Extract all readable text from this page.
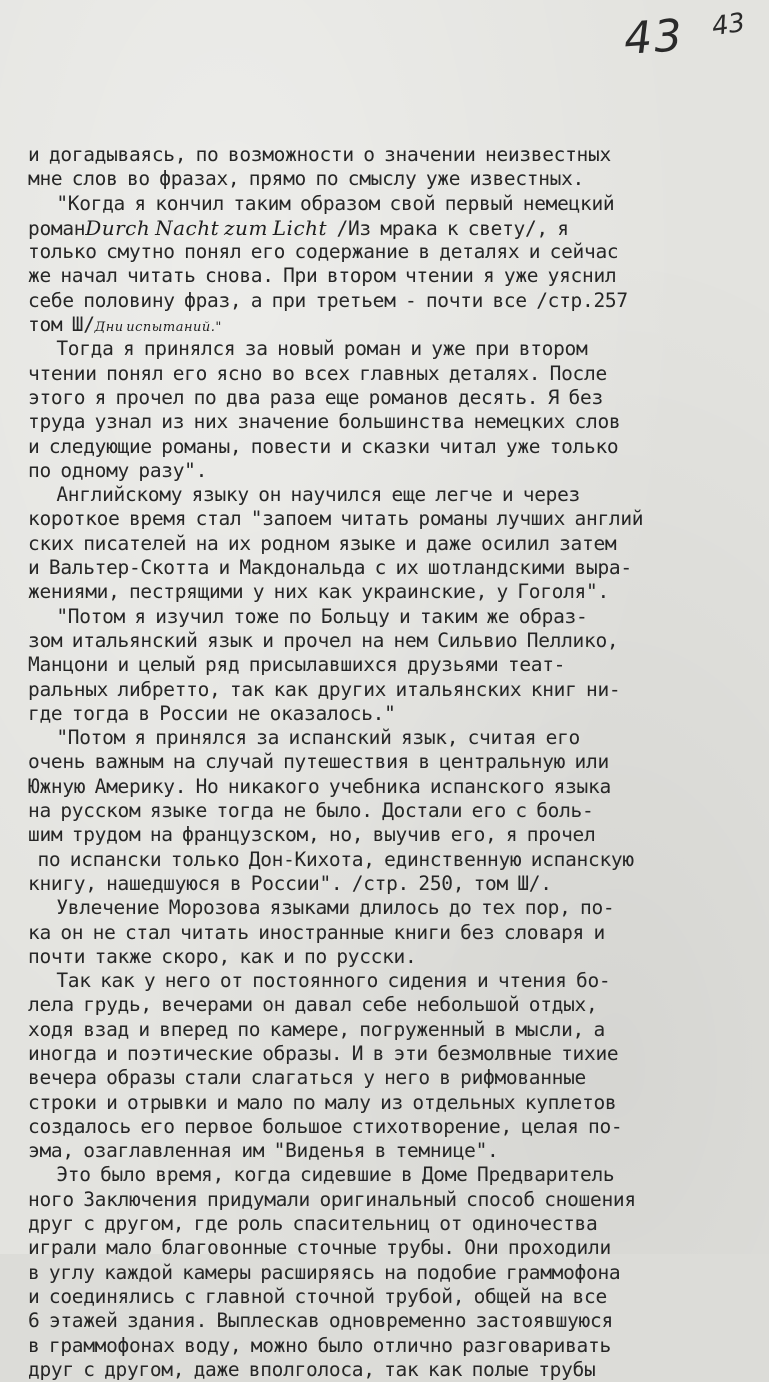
43 43
и догадываясь, по возможности о значении неизвестных
мне слов во фразах, прямо по смыслу уже известных.
"Когда я кончил таким образом свой первый немецкий
романDurch Nacht zum Licht /Из мрака к свету/, я
только смутно понял его содержание в деталях и сейчас
же начал читать снова. При втором чтении я уже уяснил
себе половину фраз, а при третьем - почти все /стр.257
том Ш/Дни испытаний."
Тогда я принялся за новый роман и уже при втором
чтении понял его ясно во всех главных деталях. После
этого я прочел по два раза еще романов десять. Я без
труда узнал из них значение большинства немецких слов
и следующие романы, повести и сказки читал уже только
по одному разу".
Английскому языку он научился еще легче и через
короткое время стал "запоем читать романы лучших англий
ских писателей на их родном языке и даже осилил затем
и Вальтер-Скотта и Макдональда с их шотландскими выра-
жениями, пестрящими у них как украинские, у Гоголя".
"Потом я изучил тоже по Больцу и таким же образ-
зом итальянский язык и прочел на нем Сильвио Пеллико,
Манцони и целый ряд присылавшихся друзьями теат-
ральных либретто, так как других итальянских книг ни-
где тогда в России не оказалось."
"Потом я принялся за испанский язык, считая его
очень важным на случай путешествия в центральную или
Южную Америку. Но никакого учебника испанского языка
на русском языке тогда не было. Достали его с боль-
шим трудом на французском, но, выучив его, я прочел
по испански только Дон-Кихота, единственную испанскую
книгу, нашедшуюся в России". /стр. 250, том Ш/.
Увлечение Морозова языками длилось до тех пор, по-
ка он не стал читать иностранные книги без словаря и
почти также скоро, как и по русски.
Так как у него от постоянного сидения и чтения бо-
лела грудь, вечерами он давал себе небольшой отдых,
ходя взад и вперед по камере, погруженный в мысли, а
иногда и поэтические образы. И в эти безмолвные тихие
вечера образы стали слагаться у него в рифмованные
строки и отрывки и мало по малу из отдельных куплетов
создалось его первое большое стихотворение, целая по-
эма, озаглавленная им "Виденья в темнице".
Это было время, когда сидевшие в Доме Предваритель
ного Заключения придумали оригинальный способ сношения
друг с другом, где роль спасительниц от одиночества
играли мало благовонные сточные трубы. Они проходили
в углу каждой камеры расширяясь на подобие граммофона
и соединялись с главной сточной трубой, общей на все
6 этажей здания. Выплескав одновременно застоявшуюся
в граммофонах воду, можно было отлично разговаривать
друг с другом, даже вполголоса, так как полые трубы
